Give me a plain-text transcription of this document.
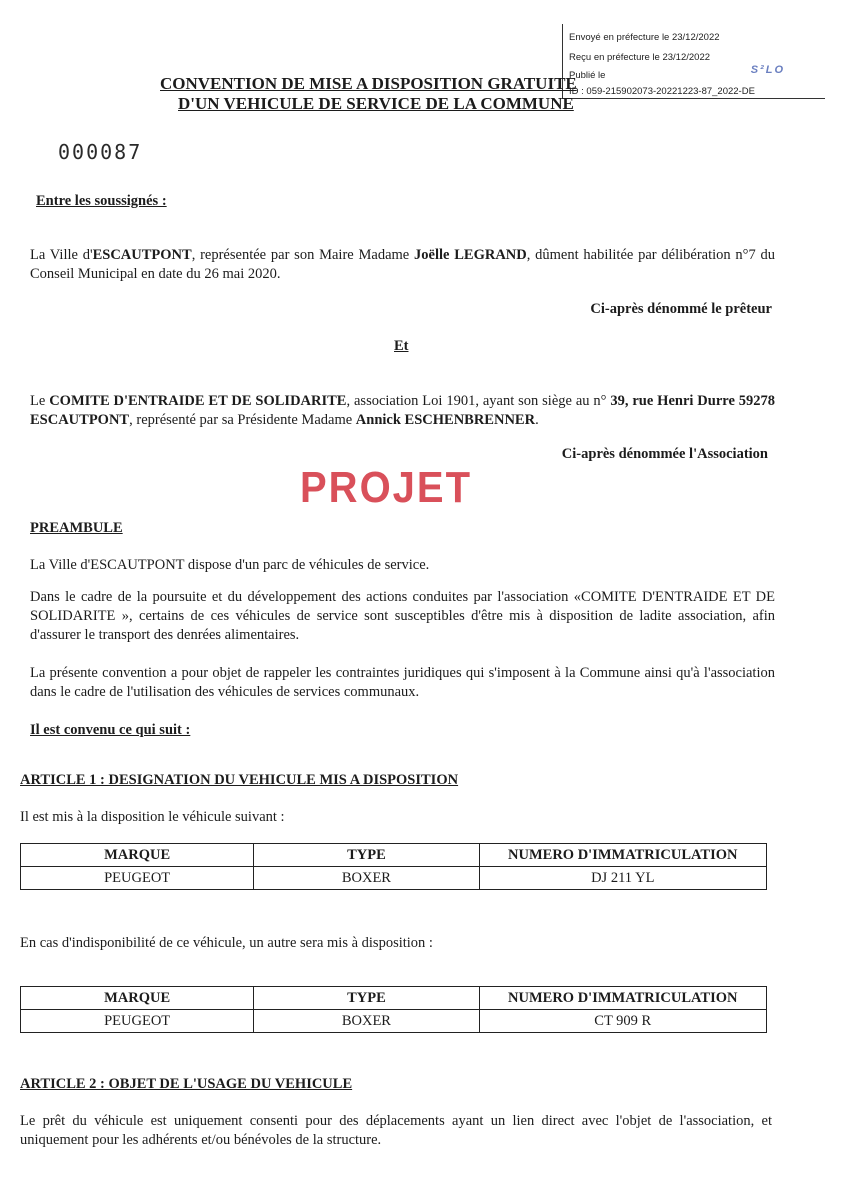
Envoyé en préfecture le 23/12/2022
Reçu en préfecture le 23/12/2022
Publié le	S²LO
ID : 059-215902073-20221223-87_2022-DE
CONVENTION DE MISE A DISPOSITION GRATUITE
D'UN VEHICULE DE SERVICE DE LA COMMUNE
000087
Entre les soussignés :
La Ville d'ESCAUTPONT, représentée par son Maire Madame Joëlle LEGRAND, dûment habilitée par délibération n°7 du Conseil Municipal en date du 26 mai 2020.
Ci-après dénommé le prêteur
Et
Le COMITE D'ENTRAIDE ET DE SOLIDARITE, association Loi 1901, ayant son siège au n° 39, rue Henri Durre 59278 ESCAUTPONT, représenté par sa Présidente Madame Annick ESCHENBRENNER.
Ci-après dénommée l'Association
PROJET
PREAMBULE
La Ville d'ESCAUTPONT dispose d'un parc de véhicules de service.
Dans le cadre de la poursuite et du développement des actions conduites par l'association «COMITE D'ENTRAIDE ET DE SOLIDARITE », certains de ces véhicules de service sont susceptibles d'être mis à disposition de ladite association, afin d'assurer le transport des denrées alimentaires.
La présente convention a pour objet de rappeler les contraintes juridiques qui s'imposent à la Commune ainsi qu'à l'association dans le cadre de l'utilisation des véhicules de services communaux.
Il est convenu ce qui suit :
ARTICLE 1 : DESIGNATION DU VEHICULE MIS A DISPOSITION
Il est mis à la disposition le véhicule suivant :
MARQUE	TYPE	NUMERO D'IMMATRICULATION
PEUGEOT	BOXER	DJ 211 YL
En cas d'indisponibilité de ce véhicule, un autre sera mis à disposition :
MARQUE	TYPE	NUMERO D'IMMATRICULATION
PEUGEOT	BOXER	CT 909 R
ARTICLE 2 : OBJET DE L'USAGE DU VEHICULE
Le prêt du véhicule est uniquement consenti pour des déplacements ayant un lien direct avec l'objet de l'association, et uniquement pour les adhérents et/ou bénévoles de la structure.
